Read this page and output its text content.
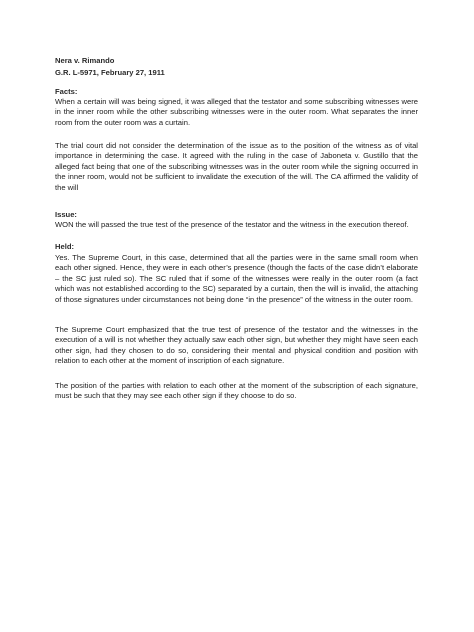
Nera v. Rimando
G.R. L-5971, February 27, 1911
Facts:

When a certain will was being signed, it was alleged that the testator and some subscribing witnesses were in the inner room while the other subscribing witnesses were in the outer room. What separates the inner room from the outer room was a curtain.

The trial court did not consider the determination of the issue as to the position of the witness as of vital importance in determining the case. It agreed with the ruling in the case of Jaboneta v. Gustillo that the alleged fact being that one of the subscribing witnesses was in the outer room while the signing occurred in the inner room, would not be sufficient to invalidate the execution of the will. The CA affirmed the validity of the will

Issue:

WON the will passed the true test of the presence of the testator and the witness in the execution thereof.

Held:

Yes. The Supreme Court, in this case, determined that all the parties were in the same small room when each other signed. Hence, they were in each other’s presence (though the facts of the case didn’t elaborate – the SC just ruled so). The SC ruled that if some of the witnesses were really in the outer room (a fact which was not established according to the SC) separated by a curtain, then the will is invalid, the attaching of those signatures under circumstances not being done “in the presence” of the witness in the outer room.

The Supreme Court emphasized that the true test of presence of the testator and the witnesses in the execution of a will is not whether they actually saw each other sign, but whether they might have seen each other sign, had they chosen to do so, considering their mental and physical condition and position with relation to each other at the moment of inscription of each signature.

The position of the parties with relation to each other at the moment of the subscription of each signature, must be such that they may see each other sign if they choose to do so.
